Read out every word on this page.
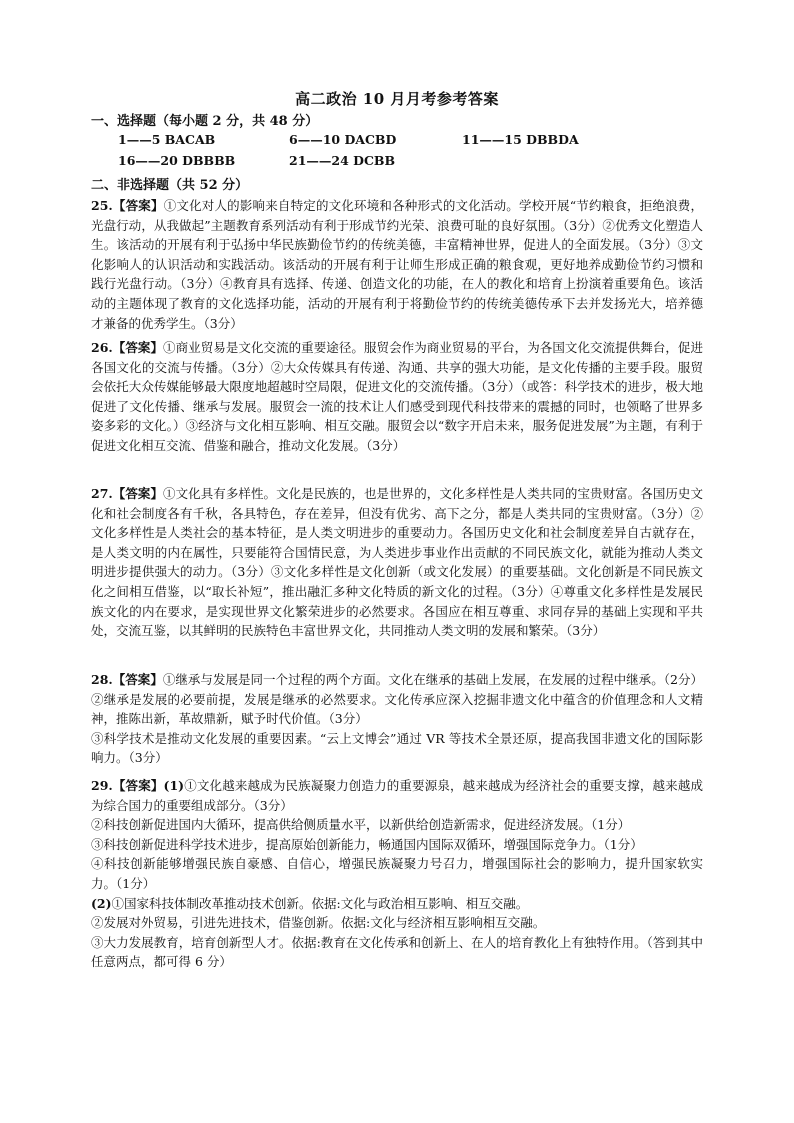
高二政治 10 月月考参考答案
一、选择题（每小题 2 分，共 48 分）
1——5 BACAB	6——10 DACBD	11——15 DBBDA
16——20 DBBBB	21——24 DCBB
二、非选择题（共 52 分）

25.【答案】①文化对人的影响来自特定的文化环境和各种形式的文化活动。学校开展“节约粮食，拒绝浪费，光盘行动，从我做起”主题教育系列活动有利于形成节约光荣、浪费可耻的良好氛围。（3分）②优秀文化塑造人生。该活动的开展有利于弘扬中华民族勤俭节约的传统美德，丰富精神世界，促进人的全面发展。（3分）③文化影响人的认识活动和实践活动。该活动的开展有利于让师生形成正确的粮食观，更好地养成勤俭节约习惯和践行光盘行动。（3分）④教育具有选择、传递、创造文化的功能，在人的教化和培育上扮演着重要角色。该活动的主题体现了教育的文化选择功能，活动的开展有利于将勤俭节约的传统美德传承下去并发扬光大，培养德才兼备的优秀学生。（3分）

26.【答案】①商业贸易是文化交流的重要途径。服贸会作为商业贸易的平台，为各国文化交流提供舞台，促进各国文化的交流与传播。（3分）②大众传媒具有传递、沟通、共享的强大功能，是文化传播的主要手段。服贸会依托大众传媒能够最大限度地超越时空局限，促进文化的交流传播。（3分）（或答：科学技术的进步，极大地促进了文化传播、继承与发展。服贸会一流的技术让人们感受到现代科技带来的震撼的同时，也领略了世界多姿多彩的文化。）③经济与文化相互影响、相互交融。服贸会以“数字开启未来，服务促进发展”为主题，有利于促进文化相互交流、借鉴和融合，推动文化发展。（3分）

27.【答案】①文化具有多样性。文化是民族的，也是世界的，文化多样性是人类共同的宝贵财富。各国历史文化和社会制度各有千秋，各具特色，存在差异，但没有优劣、高下之分，都是人类共同的宝贵财富。（3分）②文化多样性是人类社会的基本特征，是人类文明进步的重要动力。各国历史文化和社会制度差异自古就存在，是人类文明的内在属性，只要能符合国情民意，为人类进步事业作出贡献的不同民族文化，就能为推动人类文明进步提供强大的动力。（3分）③文化多样性是文化创新（或文化发展）的重要基础。文化创新是不同民族文化之间相互借鉴，以“取长补短”，推出融汇多种文化特质的新文化的过程。（3分）④尊重文化多样性是发展民族文化的内在要求，是实现世界文化繁荣进步的必然要求。各国应在相互尊重、求同存异的基础上实现和平共处，交流互鉴，以其鲜明的民族特色丰富世界文化，共同推动人类文明的发展和繁荣。（3分）

28.【答案】①继承与发展是同一个过程的两个方面。文化在继承的基础上发展，在发展的过程中继承。（2分）②继承是发展的必要前提，发展是继承的必然要求。文化传承应深入挖掘非遗文化中蕴含的价值理念和人文精神，推陈出新，革故鼎新，赋予时代价值。（3分）

③科学技术是推动文化发展的重要因素。“云上文博会”通过 VR 等技术全景还原，提高我国非遗文化的国际影响力。（3分）

29.【答案】(1)①文化越来越成为民族凝聚力创造力的重要源泉，越来越成为经济社会的重要支撑，越来越成为综合国力的重要组成部分。（3分）

②科技创新促进国内大循环，提高供给侧质量水平，以新供给创造新需求，促进经济发展。（1分）

③科技创新促进科学技术进步，提高原始创新能力，畅通国内国际双循环，增强国际竞争力。（1分）

④科技创新能够增强民族自豪感、自信心，增强民族凝聚力号召力，增强国际社会的影响力，提升国家软实力。（1分）

(2)①国家科技体制改革推动技术创新。依据:文化与政治相互影响、相互交融。

②发展对外贸易，引进先进技术，借鉴创新。依据:文化与经济相互影响相互交融。

③大力发展教育，培育创新型人才。依据:教育在文化传承和创新上、在人的培育教化上有独特作用。（答到其中任意两点，都可得 6 分）
